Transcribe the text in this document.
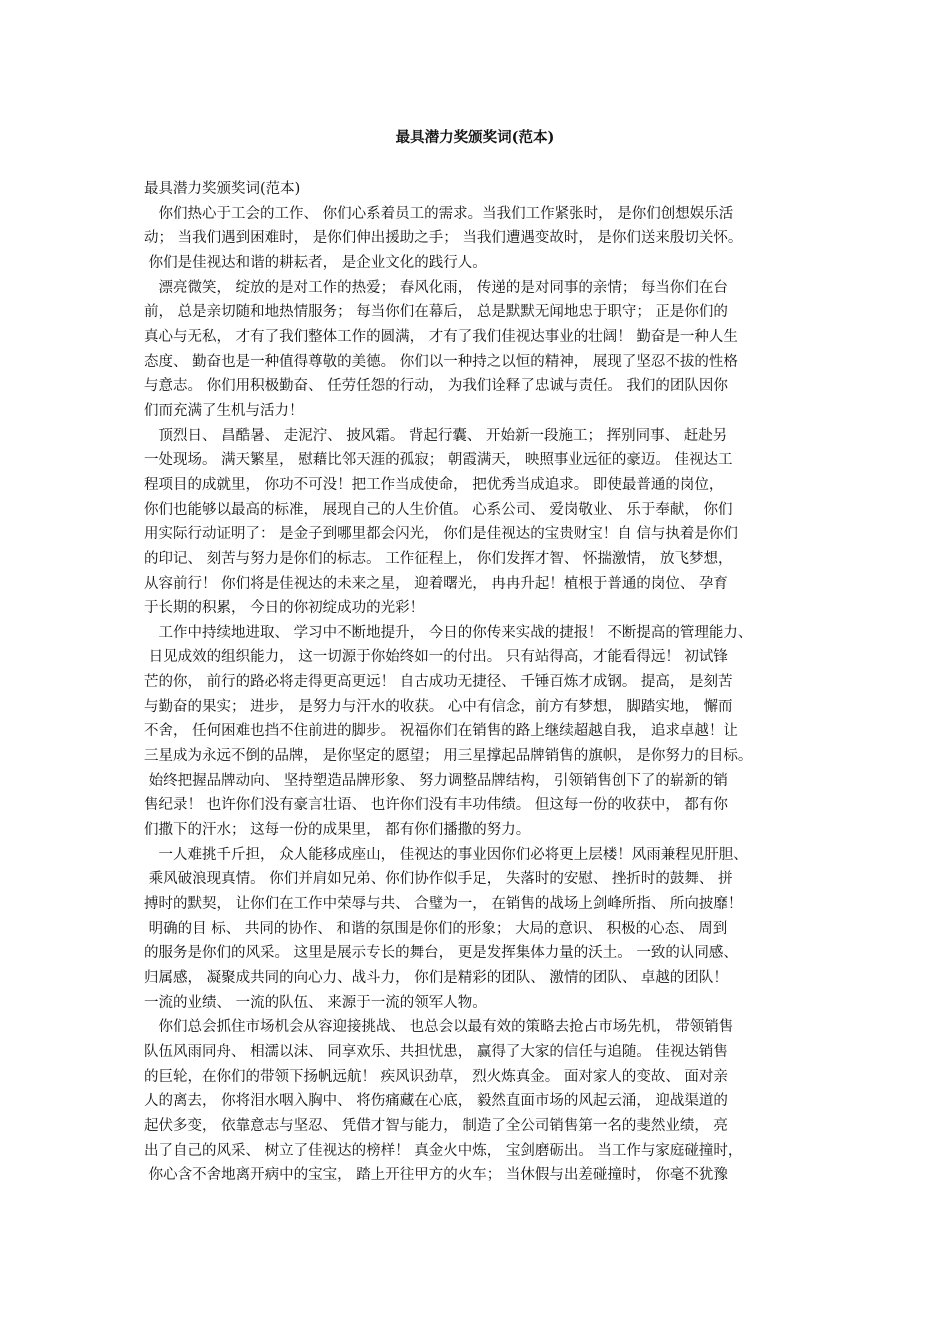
最具潜力奖颁奖词(范本)
最具潜力奖颁奖词(范本)
　你们热心于工会的工作、 你们心系着员工的需求。当我们工作紧张时， 是你们创想娱乐活
动； 当我们遇到困难时， 是你们伸出援助之手； 当我们遭遇变故时， 是你们送来殷切关怀。
你们是佳视达和谐的耕耘者， 是企业文化的践行人。
　漂亮微笑， 绽放的是对工作的热爱； 春风化雨， 传递的是对同事的亲情； 每当你们在台
前， 总是亲切随和地热情服务； 每当你们在幕后， 总是默默无闻地忠于职守； 正是你们的
真心与无私， 才有了我们整体工作的圆满， 才有了我们佳视达事业的壮阔！ 勤奋是一种人生
态度、 勤奋也是一种值得尊敬的美德。 你们以一种持之以恒的精神， 展现了坚忍不拔的性格
与意志。 你们用积极勤奋、 任劳任怨的行动， 为我们诠释了忠诚与责任。 我们的团队因你
们而充满了生机与活力！
　顶烈日、 昌酷暑、 走泥泞、 披风霜。 背起行囊、 开始新一段施工； 挥别同事、 赶赴另
一处现场。 满天繁星， 慰藉比邻天涯的孤寂； 朝霞满天， 映照事业远征的豪迈。 佳视达工
程项目的成就里， 你功不可没！把工作当成使命， 把优秀当成追求。 即使最普通的岗位，
你们也能够以最高的标准， 展现自己的人生价值。 心系公司、 爱岗敬业、 乐于奉献， 你们
用实际行动证明了： 是金子到哪里都会闪光， 你们是佳视达的宝贵财宝！自 信与执着是你们
的印记、 刻苦与努力是你们的标志。 工作征程上， 你们发挥才智、 怀揣激情， 放飞梦想，
从容前行！ 你们将是佳视达的未来之星， 迎着曙光， 冉冉升起！植根于普通的岗位、 孕育
于长期的积累， 今日的你初绽成功的光彩！
　工作中持续地进取、 学习中不断地提升， 今日的你传来实战的捷报！ 不断提高的管理能力、
日见成效的组织能力， 这一切源于你始终如一的付出。 只有站得高，才能看得远！ 初试锋
芒的你， 前行的路必将走得更高更远！ 自古成功无捷径、 千锤百炼才成钢。 提高， 是刻苦
与勤奋的果实； 进步， 是努力与汗水的收获。 心中有信念，前方有梦想， 脚踏实地， 懈而
不舍， 任何困难也挡不住前进的脚步。 祝福你们在销售的路上继续超越自我， 追求卓越！让
三星成为永远不倒的品牌， 是你坚定的愿望； 用三星撑起品牌销售的旗帜， 是你努力的目标。
始终把握品牌动向、 坚持塑造品牌形象、 努力调整品牌结构， 引领销售创下了的崭新的销
售纪录！ 也许你们没有豪言壮语、 也许你们没有丰功伟绩。 但这每一份的收获中， 都有你
们撒下的汗水； 这每一份的成果里， 都有你们播撒的努力。
　一人难挑千斤担， 众人能移成座山， 佳视达的事业因你们必将更上层楼！风雨兼程见肝胆、
乘风破浪现真情。 你们并肩如兄弟、你们协作似手足， 失落时的安慰、 挫折时的鼓舞、 拼
搏时的默契， 让你们在工作中荣辱与共、 合璧为一， 在销售的战场上剑峰所指、 所向披靡！
明确的目 标、 共同的协作、 和谐的氛围是你们的形象； 大局的意识、 积极的心态、 周到
的服务是你们的风采。 这里是展示专长的舞台， 更是发挥集体力量的沃土。 一致的认同感、
归属感， 凝聚成共同的向心力、战斗力， 你们是精彩的团队、 激情的团队、 卓越的团队！
一流的业绩、 一流的队伍、 来源于一流的领军人物。
　你们总会抓住市场机会从容迎接挑战、 也总会以最有效的策略去抢占市场先机， 带领销售
队伍风雨同舟、 相濡以沫、 同享欢乐、共担忧患， 赢得了大家的信任与追随。 佳视达销售
的巨轮，在你们的带领下扬帆远航！ 疾风识劲草， 烈火炼真金。 面对家人的变故、 面对亲
人的离去， 你将泪水咽入胸中、 将伤痛藏在心底， 毅然直面市场的风起云涌， 迎战渠道的
起伏多变， 依靠意志与坚忍、 凭借才智与能力， 制造了全公司销售第一名的斐然业绩， 亮
出了自己的风采、 树立了佳视达的榜样！ 真金火中炼， 宝剑磨砺出。 当工作与家庭碰撞时，
你心含不舍地离开病中的宝宝， 踏上开往甲方的火车； 当休假与出差碰撞时， 你毫不犹豫
